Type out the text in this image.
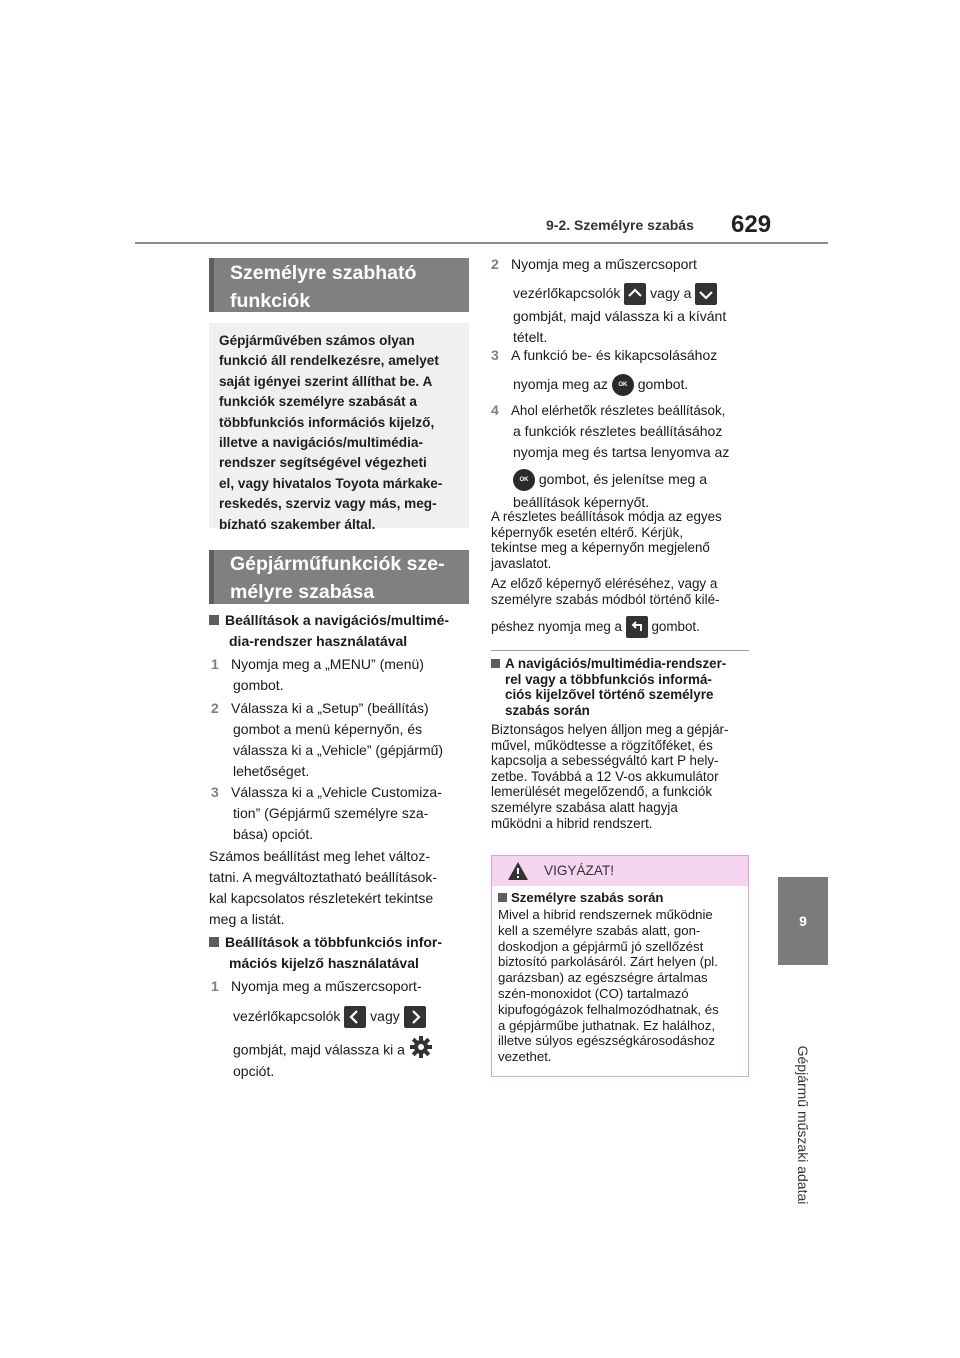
9-2. Személyre szabás 629
9
Gépjármű műszaki adatai
Személyre szabható
funkciók
Gépjárművében számos olyan
funkció áll rendelkezésre, amelyet
saját igényei szerint állíthat be. A
funkciók személyre szabását a
többfunkciós információs kijelző,
illetve a navigációs/multimédia-
rendszer segítségével végezheti
el, vagy hivatalos Toyota márkake-
reskedés, szerviz vagy más, meg-
bízható szakember által.
Gépjárműfunkciók sze-
mélyre szabása
Beállítások a navigációs/multimé-
dia-rendszer használatával
1 Nyomja meg a „MENU” (menü)
gombot.
2 Válassza ki a „Setup” (beállítás)
gombot a menü képernyőn, és
válassza ki a „Vehicle” (gépjármű)
lehetőséget.
3 Válassza ki a „Vehicle Customiza-
tion” (Gépjármű személyre sza-
bása) opciót.
Számos beállítást meg lehet változ-
tatni. A megváltoztatható beállítások-
kal kapcsolatos részletekért tekintse
meg a listát.
Beállítások a többfunkciós infor-
mációs kijelző használatával
1 Nyomja meg a műszercsoport-
vezérlőkapcsolók vagy
gombját, majd válassza ki a
opciót.
2 Nyomja meg a műszercsoport
vezérlőkapcsolók vagy a
gombját, majd válassza ki a kívánt
tételt.
3 A funkció be- és kikapcsolásához
nyomja meg az OK gombot.
4 Ahol elérhetők részletes beállítások,
a funkciók részletes beállításához
nyomja meg és tartsa lenyomva az
OK gombot, és jelenítse meg a
beállítások képernyőt.
A részletes beállítások módja az egyes
képernyők esetén eltérő. Kérjük,
tekintse meg a képernyőn megjelenő
javaslatot.
Az előző képernyő eléréséhez, vagy a
személyre szabás módból történő kilé-
péshez nyomja meg a gombot.
A navigációs/multimédia-rendszer-
rel vagy a többfunkciós informá-
ciós kijelzővel történő személyre
szabás során
Biztonságos helyen álljon meg a gépjár-
művel, működtesse a rögzítőféket, és
kapcsolja a sebességváltó kart P hely-
zetbe. Továbbá a 12 V-os akkumulátor
lemerülését megelőzendő, a funkciók
személyre szabása alatt hagyja
működni a hibrid rendszert.
VIGYÁZAT!
Személyre szabás során
Mivel a hibrid rendszernek működnie
kell a személyre szabás alatt, gon-
doskodjon a gépjármű jó szellőzést
biztosító parkolásáról. Zárt helyen (pl.
garázsban) az egészségre ártalmas
szén-monoxidot (CO) tartalmazó
kipufogógázok felhalmozódhatnak, és
a gépjárműbe juthatnak. Ez halálhoz,
illetve súlyos egészségkárosodáshoz
vezethet.
